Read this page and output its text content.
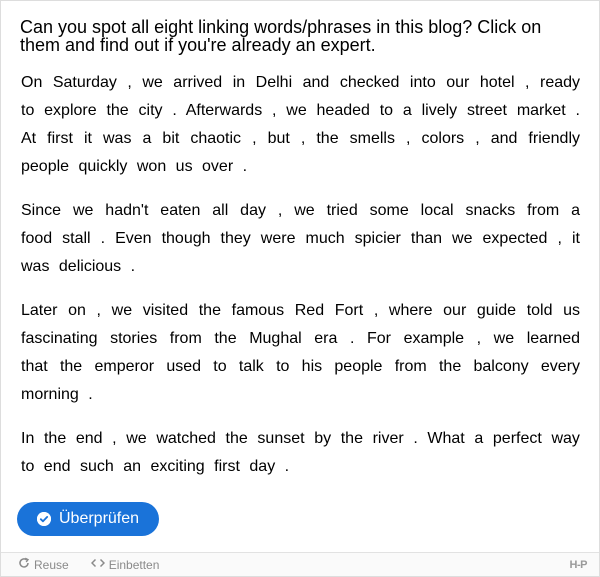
Can you spot all eight linking words/phrases in this blog? Click on them and find out if you're already an expert.

On Saturday , we arrived in Delhi and checked into our hotel , ready to explore the city . Afterwards , we headed to a lively street market . At first it was a bit chaotic , but , the smells , colors , and friendly people quickly won us over .

Since we hadn't eaten all day , we tried some local snacks from a food stall . Even though they were much spicier than we expected , it was delicious .

Later on , we visited the famous Red Fort , where our guide told us fascinating stories from the Mughal era . For example , we learned that the emperor used to talk to his people from the balcony every morning .

In the end , we watched the sunset by the river . What a perfect way to end such an exciting first day .

Überprüfen
Reuse	Einbetten	H-P
